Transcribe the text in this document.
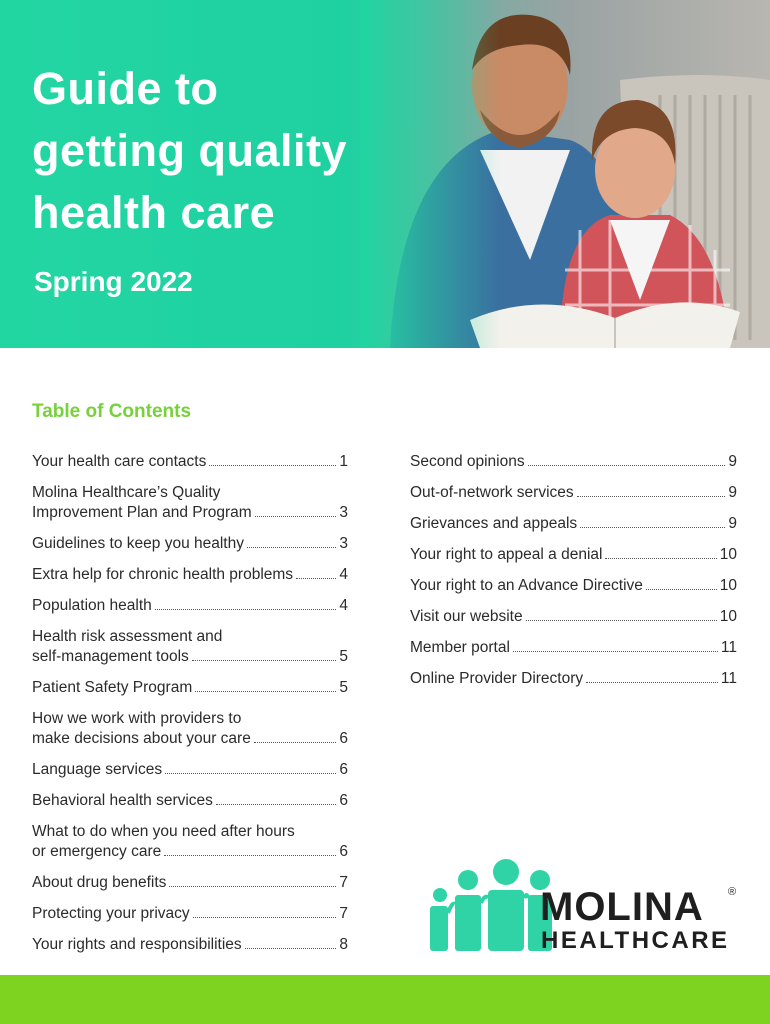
Guide to
getting quality
health care
Spring 2022
Table of Contents
Your health care contacts	1
Molina Healthcare’s Quality
Improvement Plan and Program	3
Guidelines to keep you healthy	3
Extra help for chronic health problems	4
Population health	4
Health risk assessment and
self-management tools	5
Patient Safety Program	5
How we work with providers to
make decisions about your care	6
Language services	6
Behavioral health services	6
What to do when you need after hours
or emergency care	6
About drug benefits	7
Protecting your privacy	7
Your rights and responsibilities	8
Second opinions	9
Out-of-network services	9
Grievances and appeals	9
Your right to appeal a denial	10
Your right to an Advance Directive	10
Visit our website	10
Member portal	11
Online Provider Directory	11
MOLINA ®
HEALTHCARE
